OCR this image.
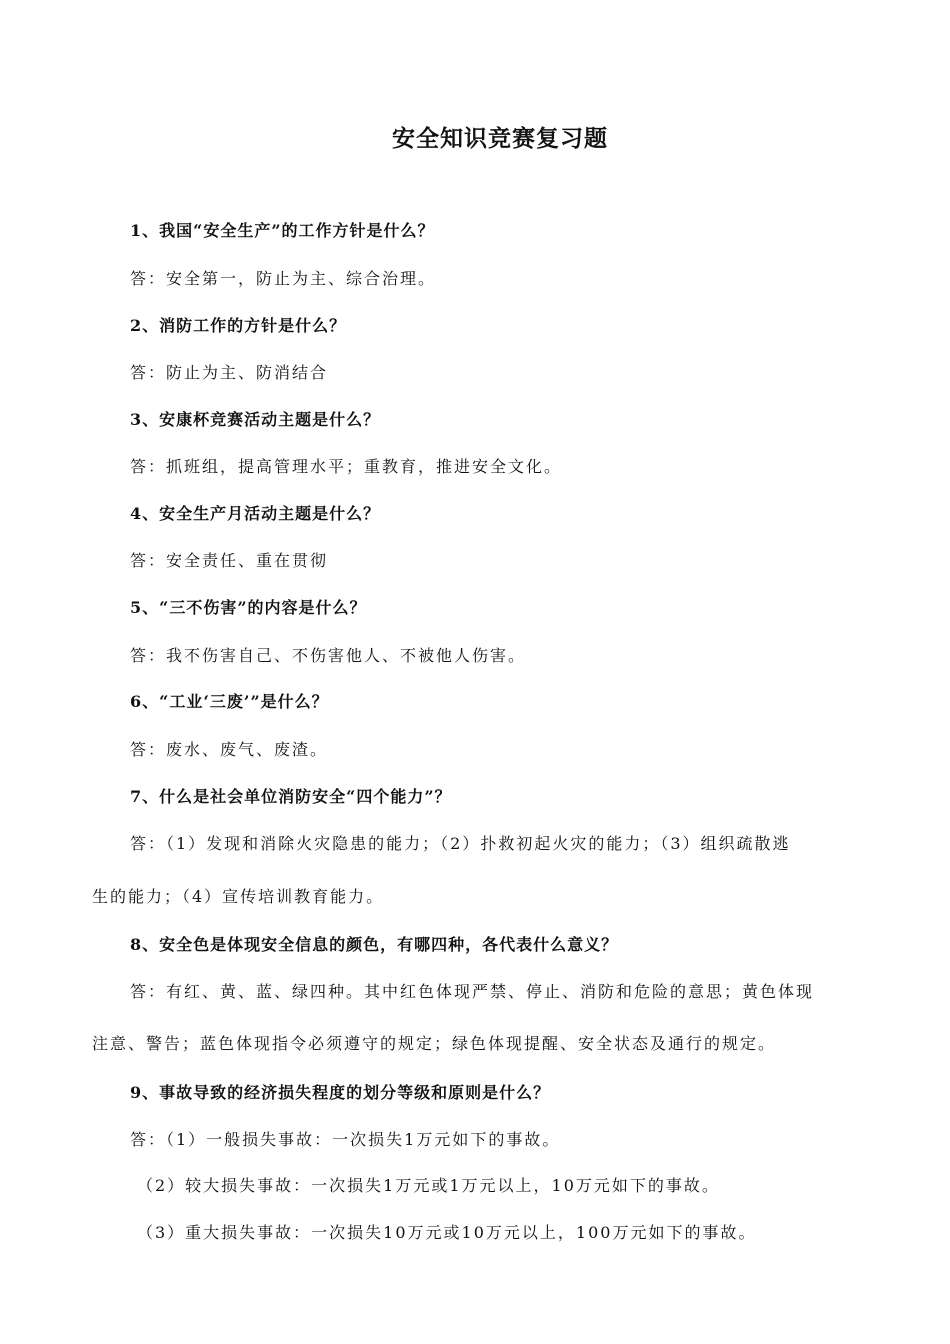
安全知识竞赛复习题
1、我国“安全生产”的工作方针是什么？
答：安全第一，防止为主、综合治理。
2、消防工作的方针是什么？
答：防止为主、防消结合
3、安康杯竞赛活动主题是什么？
答：抓班组，提高管理水平；重教育，推进安全文化。
4、安全生产月活动主题是什么？
答：安全责任、重在贯彻
5、“三不伤害”的内容是什么？
答：我不伤害自己、不伤害他人、不被他人伤害。
6、“工业‘三废’”是什么？
答：废水、废气、废渣。
7、什么是社会单位消防安全“四个能力”？
答：（1）发现和消除火灾隐患的能力；（2）扑救初起火灾的能力；（3）组织疏散逃
生的能力；（4）宣传培训教育能力。
8、安全色是体现安全信息的颜色，有哪四种，各代表什么意义？
答：有红、黄、蓝、绿四种。其中红色体现严禁、停止、消防和危险的意思；黄色体现
注意、警告；蓝色体现指令必须遵守的规定；绿色体现提醒、安全状态及通行的规定。
9、事故导致的经济损失程度的划分等级和原则是什么？
答：（1）一般损失事故：一次损失1万元如下的事故。
（2）较大损失事故：一次损失1万元或1万元以上，10万元如下的事故。
（3）重大损失事故：一次损失10万元或10万元以上，100万元如下的事故。
